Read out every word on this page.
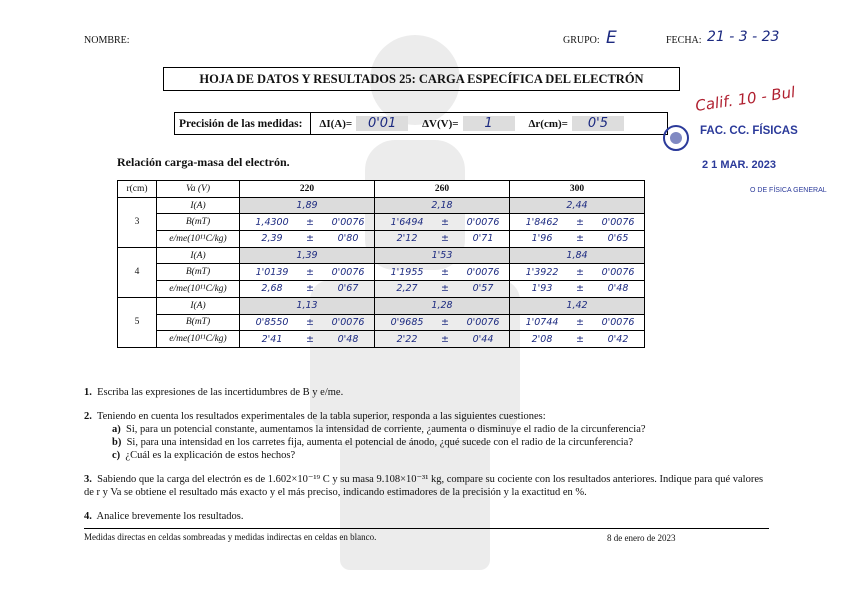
NOMBRE:	GRUPO: E	FECHA: 21 - 3 - 23
HOJA DE DATOS Y RESULTADOS 25: CARGA ESPECÍFICA DEL ELECTRÓN
Precisión de las medidas:	ΔI(A)=	0'01	ΔV(V)=	1	Δr(cm)=	0'5
Calif. 10 - Bul
FAC. CC. FÍSICAS
2 1 MAR. 2023
O DE FÍSICA GENERAL
Relación carga-masa del electrón.
r(cm)	Va (V)	220	260	300
3	I(A)	1,89	2,18	2,44
	B(mT)	1,4300 ± 0'0076	1'6494 ± 0'0076	1'8462 ± 0'0076
	e/me(10¹¹C/kg)	2,39 ± 0'80	2'12 ± 0'71	1'96 ± 0'65
4	I(A)	1,39	1'53	1,84
	B(mT)	1'0139 ± 0'0076	1'1955 ± 0'0076	1'3922 ± 0'0076
	e/me(10¹¹C/kg)	2,68 ± 0'67	2,27 ± 0'57	1'93 ± 0'48
5	I(A)	1,13	1,28	1,42
	B(mT)	0'8550 ± 0'0076	0'9685 ± 0'0076	1'0744 ± 0'0076
	e/me(10¹¹C/kg)	2'41 ± 0'48	2'22 ± 0'44	2'08 ± 0'42
1. Escriba las expresiones de las incertidumbres de B y e/me.
2. Teniendo en cuenta los resultados experimentales de la tabla superior, responda a las siguientes cuestiones:
a) Si, para un potencial constante, aumentamos la intensidad de corriente, ¿aumenta o disminuye el radio de la circunferencia?
b) Si, para una intensidad en los carretes fija, aumenta el potencial de ánodo, ¿qué sucede con el radio de la circunferencia?
c) ¿Cuál es la explicación de estos hechos?
3. Sabiendo que la carga del electrón es de 1.602×10⁻¹⁹ C y su masa 9.108×10⁻³¹ kg, compare su cociente con los resultados anteriores. Indique para qué valores de r y Va se obtiene el resultado más exacto y el más preciso, indicando estimadores de la precisión y la exactitud en %.
4. Analice brevemente los resultados.
Medidas directas en celdas sombreadas y medidas indirectas en celdas en blanco.	8 de enero de 2023
